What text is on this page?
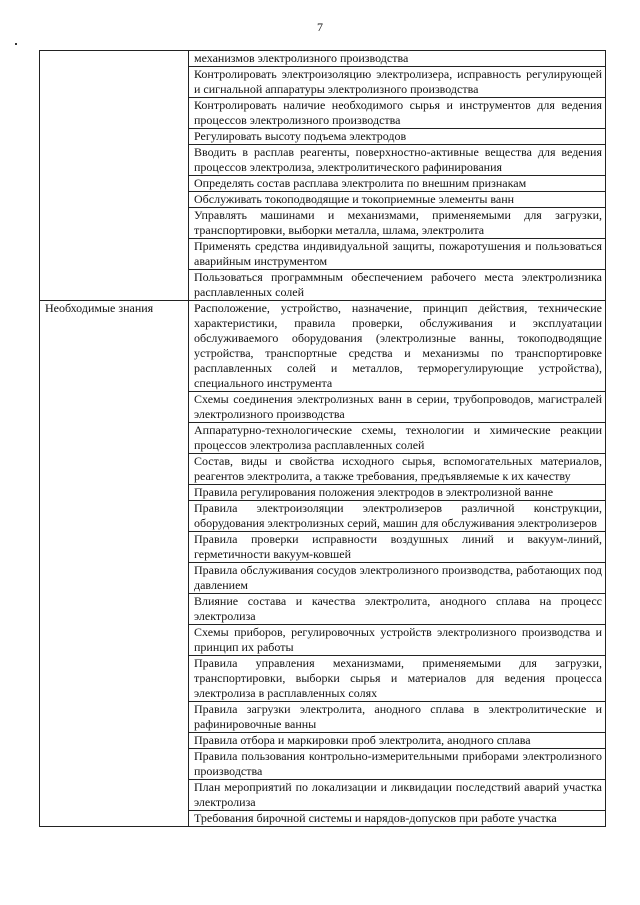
7
	механизмов электролизного производства
	Контролировать электроизоляцию электролизера, исправность регулирующей и сигнальной аппаратуры электролизного производства
	Контролировать наличие необходимого сырья и инструментов для ведения процессов электролизного производства
	Регулировать высоту подъема электродов
	Вводить в расплав реагенты, поверхностно-активные вещества для ведения процессов электролиза, электролитического рафинирования
	Определять состав расплава электролита по внешним признакам
	Обслуживать токоподводящие и токоприемные элементы ванн
	Управлять машинами и механизмами, применяемыми для загрузки, транспортировки, выборки металла, шлама, электролита
	Применять средства индивидуальной защиты, пожаротушения и пользоваться аварийным инструментом
	Пользоваться программным обеспечением рабочего места электролизника расплавленных солей
Необходимые знания	Расположение, устройство, назначение, принцип действия, технические характеристики, правила проверки, обслуживания и эксплуатации обслуживаемого оборудования (электролизные ванны, токоподводящие устройства, транспортные средства и механизмы по транспортировке расплавленных солей и металлов, терморегулирующие устройства), специального инструмента
	Схемы соединения электролизных ванн в серии, трубопроводов, магистралей электролизного производства
	Аппаратурно-технологические схемы, технологии и химические реакции процессов электролиза расплавленных солей
	Состав, виды и свойства исходного сырья, вспомогательных материалов, реагентов электролита, а также требования, предъявляемые к их качеству
	Правила регулирования положения электродов в электролизной ванне
	Правила электроизоляции электролизеров различной конструкции, оборудования электролизных серий, машин для обслуживания электролизеров
	Правила проверки исправности воздушных линий и вакуум-линий, герметичности вакуум-ковшей
	Правила обслуживания сосудов электролизного производства, работающих под давлением
	Влияние состава и качества электролита, анодного сплава на процесс электролиза
	Схемы приборов, регулировочных устройств электролизного производства и принцип их работы
	Правила управления механизмами, применяемыми для загрузки, транспортировки, выборки сырья и материалов для ведения процесса электролиза в расплавленных солях
	Правила загрузки электролита, анодного сплава в электролитические и рафинировочные ванны
	Правила отбора и маркировки проб электролита, анодного сплава
	Правила пользования контрольно-измерительными приборами электролизного производства
	План мероприятий по локализации и ликвидации последствий аварий участка электролиза
	Требования бирочной системы и нарядов-допусков при работе участка
